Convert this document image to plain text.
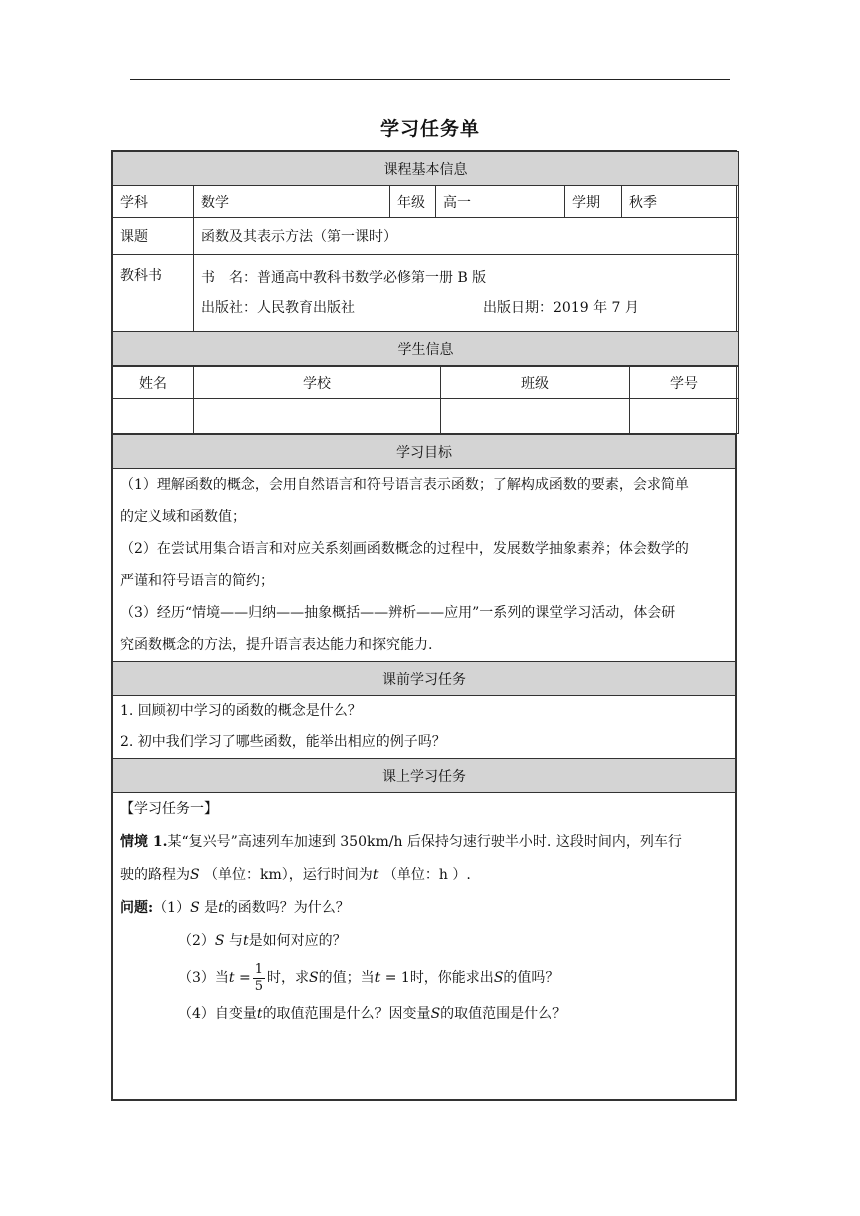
学习任务单
课程基本信息					
学科	数学	年级	高一	学期	秋季
课题	函数及其表示方法（第一课时）				
教科书	书　名：普通高中教科书数学必修第一册 B 版
出版社：人民教育出版社 出版日期：2019 年 7 月				

学生信息					
姓名	学校	班级	学号

学习目标

（1）理解函数的概念，会用自然语言和符号语言表示函数；了解构成函数的要素，会求简单

的定义域和函数值；

（2）在尝试用集合语言和对应关系刻画函数概念的过程中，发展数学抽象素养；体会数学的

严谨和符号语言的简约；

（3）经历“情境——归纳——抽象概括——辨析——应用”一系列的课堂学习活动，体会研

究函数概念的方法，提升语言表达能力和探究能力.

课前学习任务

1. 回顾初中学习的函数的概念是什么？

2. 初中我们学习了哪些函数，能举出相应的例子吗？

课上学习任务

【学习任务一】

情境 1.某“复兴号”高速列车加速到 350km/h 后保持匀速行驶半小时. 这段时间内，列车行

驶的路程为S （单位：km），运行时间为t （单位：h ）.

问题:（1）S 是t的函数吗？为什么？

（2）S 与t是如何对应的？

（3）当$t = \frac{1}{5}$ 时，求S的值；当t = 1时，你能求出S的值吗？

（4）自变量t的取值范围是什么？因变量S的取值范围是什么？
